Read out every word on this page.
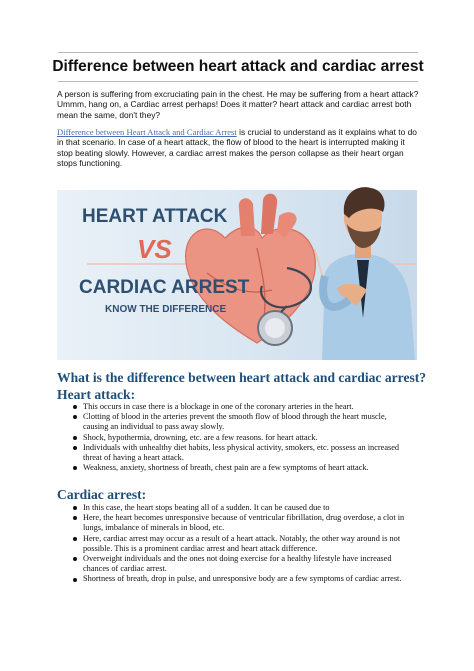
Difference between heart attack and cardiac arrest

A person is suffering from excruciating pain in the chest. He may be suffering from a heart attack? Ummm, hang on, a Cardiac arrest perhaps! Does it matter? heart attack and cardiac arrest both mean the same, don't they?

Difference between Heart Attack and Cardiac Arrest is crucial to understand as it explains what to do in that scenario. In case of a heart attack, the flow of blood to the heart is interrupted making it stop beating slowly. However, a cardiac arrest makes the person collapse as their heart organ stops functioning.

HEART ATTACK
VS
CARDIAC ARREST
KNOW THE DIFFERENCE
What is the difference between heart attack and cardiac arrest?
Heart attack:
This occurs in case there is a blockage in one of the coronary arteries in the heart.
Clotting of blood in the arteries prevent the smooth flow of blood through the heart muscle, causing an individual to pass away slowly.
Shock, hypothermia, drowning, etc. are a few reasons. for heart attack.
Individuals with unhealthy diet habits, less physical activity, smokers, etc. possess an increased threat of having a heart attack.
Weakness, anxiety, shortness of breath, chest pain are a few symptoms of heart attack.
Cardiac arrest:
In this case, the heart stops beating all of a sudden. It can be caused due to
Here, the heart becomes unresponsive because of ventricular fibrillation, drug overdose, a clot in lungs, imbalance of minerals in blood, etc.
Here, cardiac arrest may occur as a result of a heart attack. Notably, the other way around is not possible. This is a prominent cardiac arrest and heart attack difference.
Overweight individuals and the ones not doing exercise for a healthy lifestyle have increased chances of cardiac arrest.
Shortness of breath, drop in pulse, and unresponsive body are a few symptoms of cardiac arrest.
